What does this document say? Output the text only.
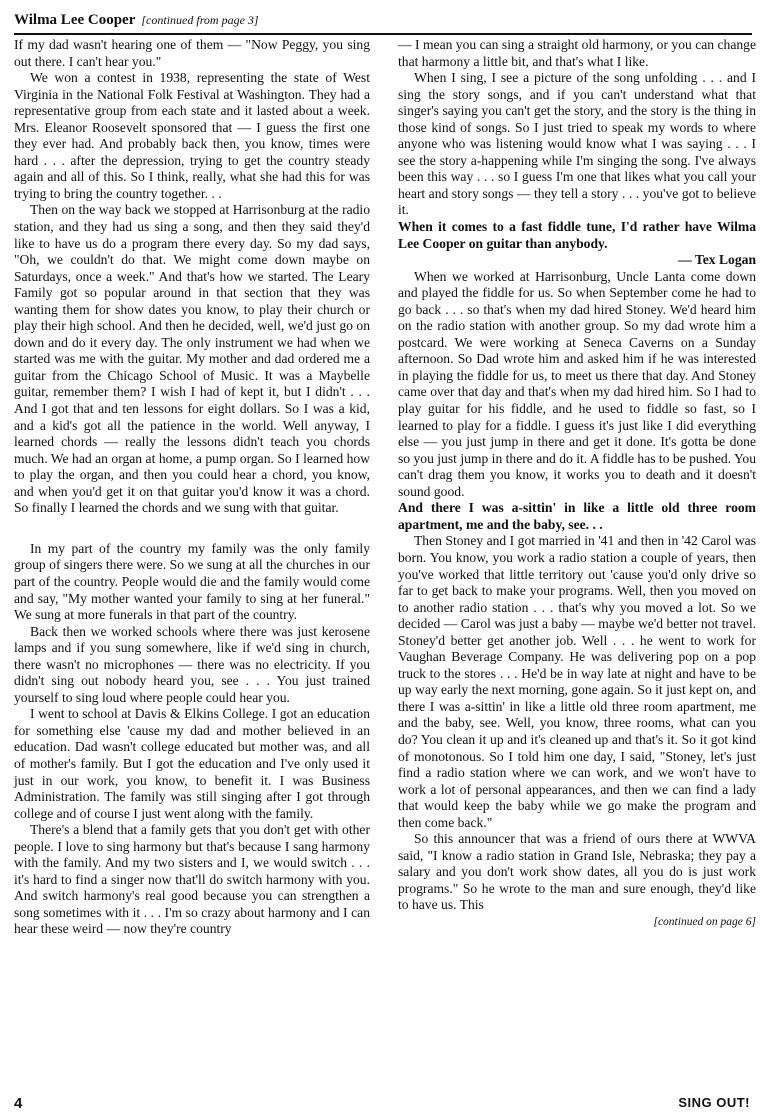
Wilma Lee Cooper [continued from page 3]

If my dad wasn't hearing one of them — "Now Peggy, you sing out there. I can't hear you."

We won a contest in 1938, representing the state of West Virginia in the National Folk Festival at Washington. They had a representative group from each state and it lasted about a week. Mrs. Eleanor Roosevelt sponsored that — I guess the first one they ever had. And probably back then, you know, times were hard . . . after the depression, trying to get the country steady again and all of this. So I think, really, what she had this for was trying to bring the country together. . .

Then on the way back we stopped at Harrisonburg at the radio station, and they had us sing a song, and then they said they'd like to have us do a program there every day. So my dad says, "Oh, we couldn't do that. We might come down maybe on Saturdays, once a week." And that's how we started. The Leary Family got so popular around in that section that they was wanting them for show dates you know, to play their church or play their high school. And then he decided, well, we'd just go on down and do it every day. The only instrument we had when we started was me with the guitar. My mother and dad ordered me a guitar from the Chicago School of Music. It was a Maybelle guitar, remember them? I wish I had of kept it, but I didn't . . . And I got that and ten lessons for eight dollars. So I was a kid, and a kid's got all the patience in the world. Well anyway, I learned chords — really the lessons didn't teach you chords much. We had an organ at home, a pump organ. So I learned how to play the organ, and then you could hear a chord, you know, and when you'd get it on that guitar you'd know it was a chord. So finally I learned the chords and we sung with that guitar.

In my part of the country my family was the only family group of singers there were. So we sung at all the churches in our part of the country. People would die and the family would come and say, "My mother wanted your family to sing at her funeral." We sung at more funerals in that part of the country.

Back then we worked schools where there was just kerosene lamps and if you sung somewhere, like if we'd sing in church, there wasn't no microphones — there was no electricity. If you didn't sing out nobody heard you, see . . . You just trained yourself to sing loud where people could hear you.

I went to school at Davis & Elkins College. I got an education for something else 'cause my dad and mother believed in an education. Dad wasn't college educated but mother was, and all of mother's family. But I got the education and I've only used it just in our work, you know, to benefit it. I was Business Administration. The family was still singing after I got through college and of course I just went along with the family.

There's a blend that a family gets that you don't get with other people. I love to sing harmony but that's because I sang harmony with the family. And my two sisters and I, we would switch . . . it's hard to find a singer now that'll do switch harmony with you. And switch harmony's real good because you can strengthen a song sometimes with it . . . I'm so crazy about harmony and I can hear these weird — now they're country

— I mean you can sing a straight old harmony, or you can change that harmony a little bit, and that's what I like.

When I sing, I see a picture of the song unfolding . . . and I sing the story songs, and if you can't understand what that singer's saying you can't get the story, and the story is the thing in those kind of songs. So I just tried to speak my words to where anyone who was listening would know what I was saying . . . I see the story a-happening while I'm singing the song. I've always been this way . . . so I guess I'm one that likes what you call your heart and story songs — they tell a story . . . you've got to believe it.

When it comes to a fast fiddle tune, I'd rather have Wilma Lee Cooper on guitar than anybody.

— Tex Logan

When we worked at Harrisonburg, Uncle Lanta come down and played the fiddle for us. So when September come he had to go back . . . so that's when my dad hired Stoney. We'd heard him on the radio station with another group. So my dad wrote him a postcard. We were working at Seneca Caverns on a Sunday afternoon. So Dad wrote him and asked him if he was interested in playing the fiddle for us, to meet us there that day. And Stoney came over that day and that's when my dad hired him. So I had to play guitar for his fiddle, and he used to fiddle so fast, so I learned to play for a fiddle. I guess it's just like I did everything else — you just jump in there and get it done. It's gotta be done so you just jump in there and do it. A fiddle has to be pushed. You can't drag them you know, it works you to death and it doesn't sound good.

And there I was a-sittin' in like a little old three room apartment, me and the baby, see. . .

Then Stoney and I got married in '41 and then in '42 Carol was born. You know, you work a radio station a couple of years, then you've worked that little territory out 'cause you'd only drive so far to get back to make your programs. Well, then you moved on to another radio station . . . that's why you moved a lot. So we decided — Carol was just a baby — maybe we'd better not travel. Stoney'd better get another job. Well . . . he went to work for Vaughan Beverage Company. He was delivering pop on a pop truck to the stores . . . He'd be in way late at night and have to be up way early the next morning, gone again. So it just kept on, and there I was a-sittin' in like a little old three room apartment, me and the baby, see. Well, you know, three rooms, what can you do? You clean it up and it's cleaned up and that's it. So it got kind of monotonous. So I told him one day, I said, "Stoney, let's just find a radio station where we can work, and we won't have to work a lot of personal appearances, and then we can find a lady that would keep the baby while we go make the program and then come back."

So this announcer that was a friend of ours there at WWVA said, "I know a radio station in Grand Isle, Nebraska; they pay a salary and you don't work show dates, all you do is just work programs." So he wrote to the man and sure enough, they'd like to have us. This

[continued on page 6]

4	SING OUT!
